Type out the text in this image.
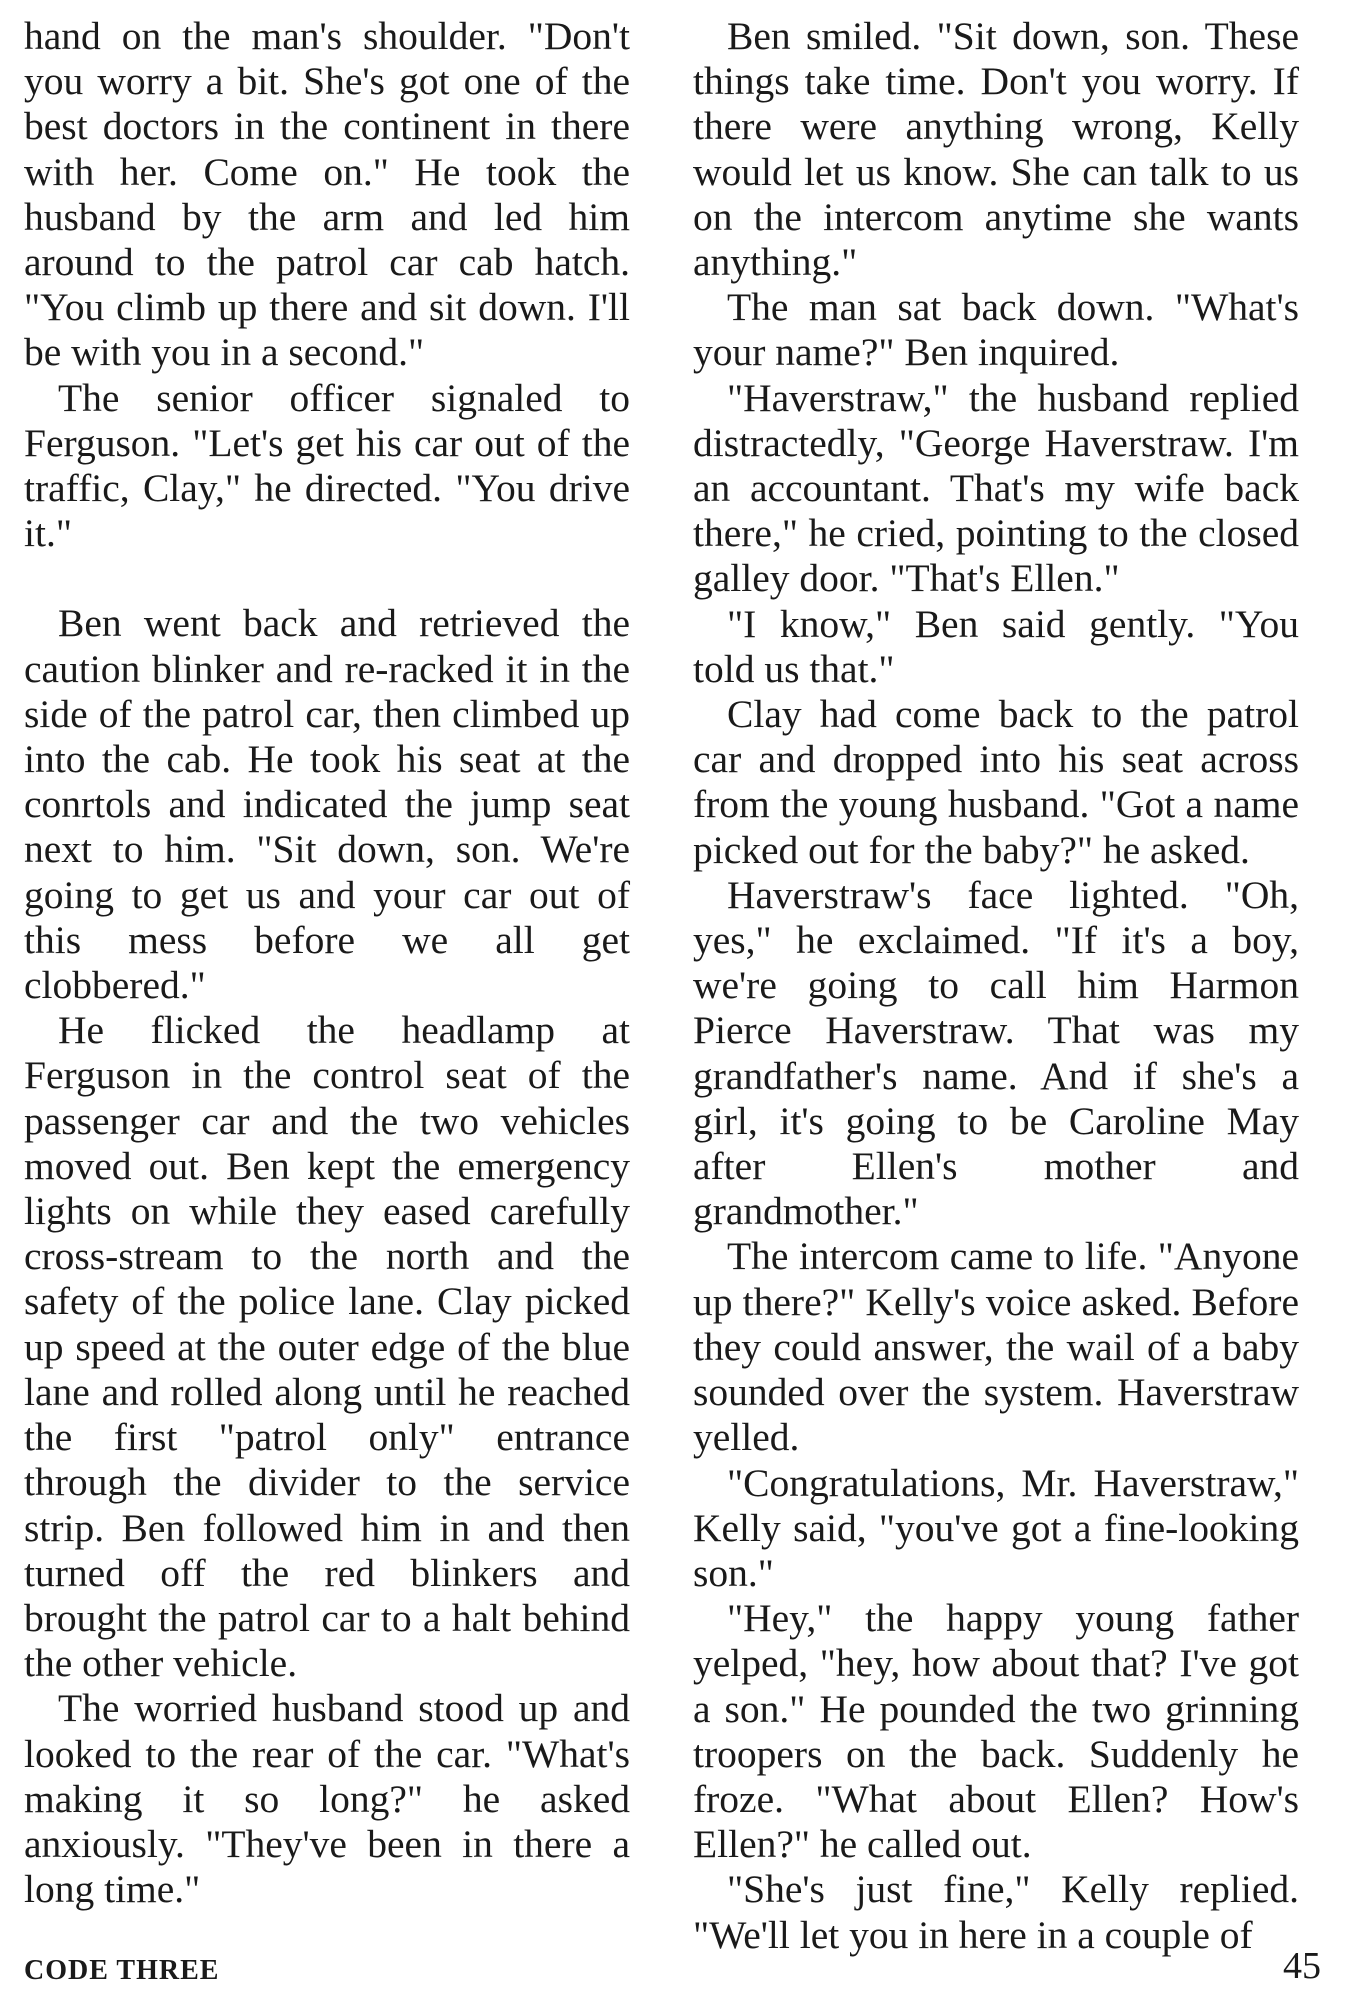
hand on the man's shoulder. "Don't you worry a bit. She's got one of the best doctors in the continent in there with her. Come on." He took the husband by the arm and led him around to the patrol car cab hatch. "You climb up there and sit down. I'll be with you in a second."

The senior officer signaled to Ferguson. "Let's get his car out of the traffic, Clay," he directed. "You drive it."

Ben went back and retrieved the caution blinker and re-racked it in the side of the patrol car, then climbed up into the cab. He took his seat at the conrtols and indicated the jump seat next to him. "Sit down, son. We're going to get us and your car out of this mess before we all get clobbered."

He flicked the headlamp at Ferguson in the control seat of the passenger car and the two vehicles moved out. Ben kept the emergency lights on while they eased carefully cross-stream to the north and the safety of the police lane. Clay picked up speed at the outer edge of the blue lane and rolled along until he reached the first "patrol only" entrance through the divider to the service strip. Ben followed him in and then turned off the red blinkers and brought the patrol car to a halt behind the other vehicle.

The worried husband stood up and looked to the rear of the car. "What's making it so long?" he asked anxiously. "They've been in there a long time."

Ben smiled. "Sit down, son. These things take time. Don't you worry. If there were anything wrong, Kelly would let us know. She can talk to us on the intercom anytime she wants anything."

The man sat back down. "What's your name?" Ben inquired.

"Haverstraw," the husband replied distractedly, "George Haverstraw. I'm an accountant. That's my wife back there," he cried, pointing to the closed galley door. "That's Ellen."

"I know," Ben said gently. "You told us that."

Clay had come back to the patrol car and dropped into his seat across from the young husband. "Got a name picked out for the baby?" he asked.

Haverstraw's face lighted. "Oh, yes," he exclaimed. "If it's a boy, we're going to call him Harmon Pierce Haverstraw. That was my grandfather's name. And if she's a girl, it's going to be Caroline May after Ellen's mother and grandmother."

The intercom came to life. "Anyone up there?" Kelly's voice asked. Before they could answer, the wail of a baby sounded over the system. Haverstraw yelled.

"Congratulations, Mr. Haverstraw," Kelly said, "you've got a fine-looking son."

"Hey," the happy young father yelped, "hey, how about that? I've got a son." He pounded the two grinning troopers on the back. Suddenly he froze. "What about Ellen? How's Ellen?" he called out.

"She's just fine," Kelly replied. "We'll let you in here in a couple of

CODE THREE	45
